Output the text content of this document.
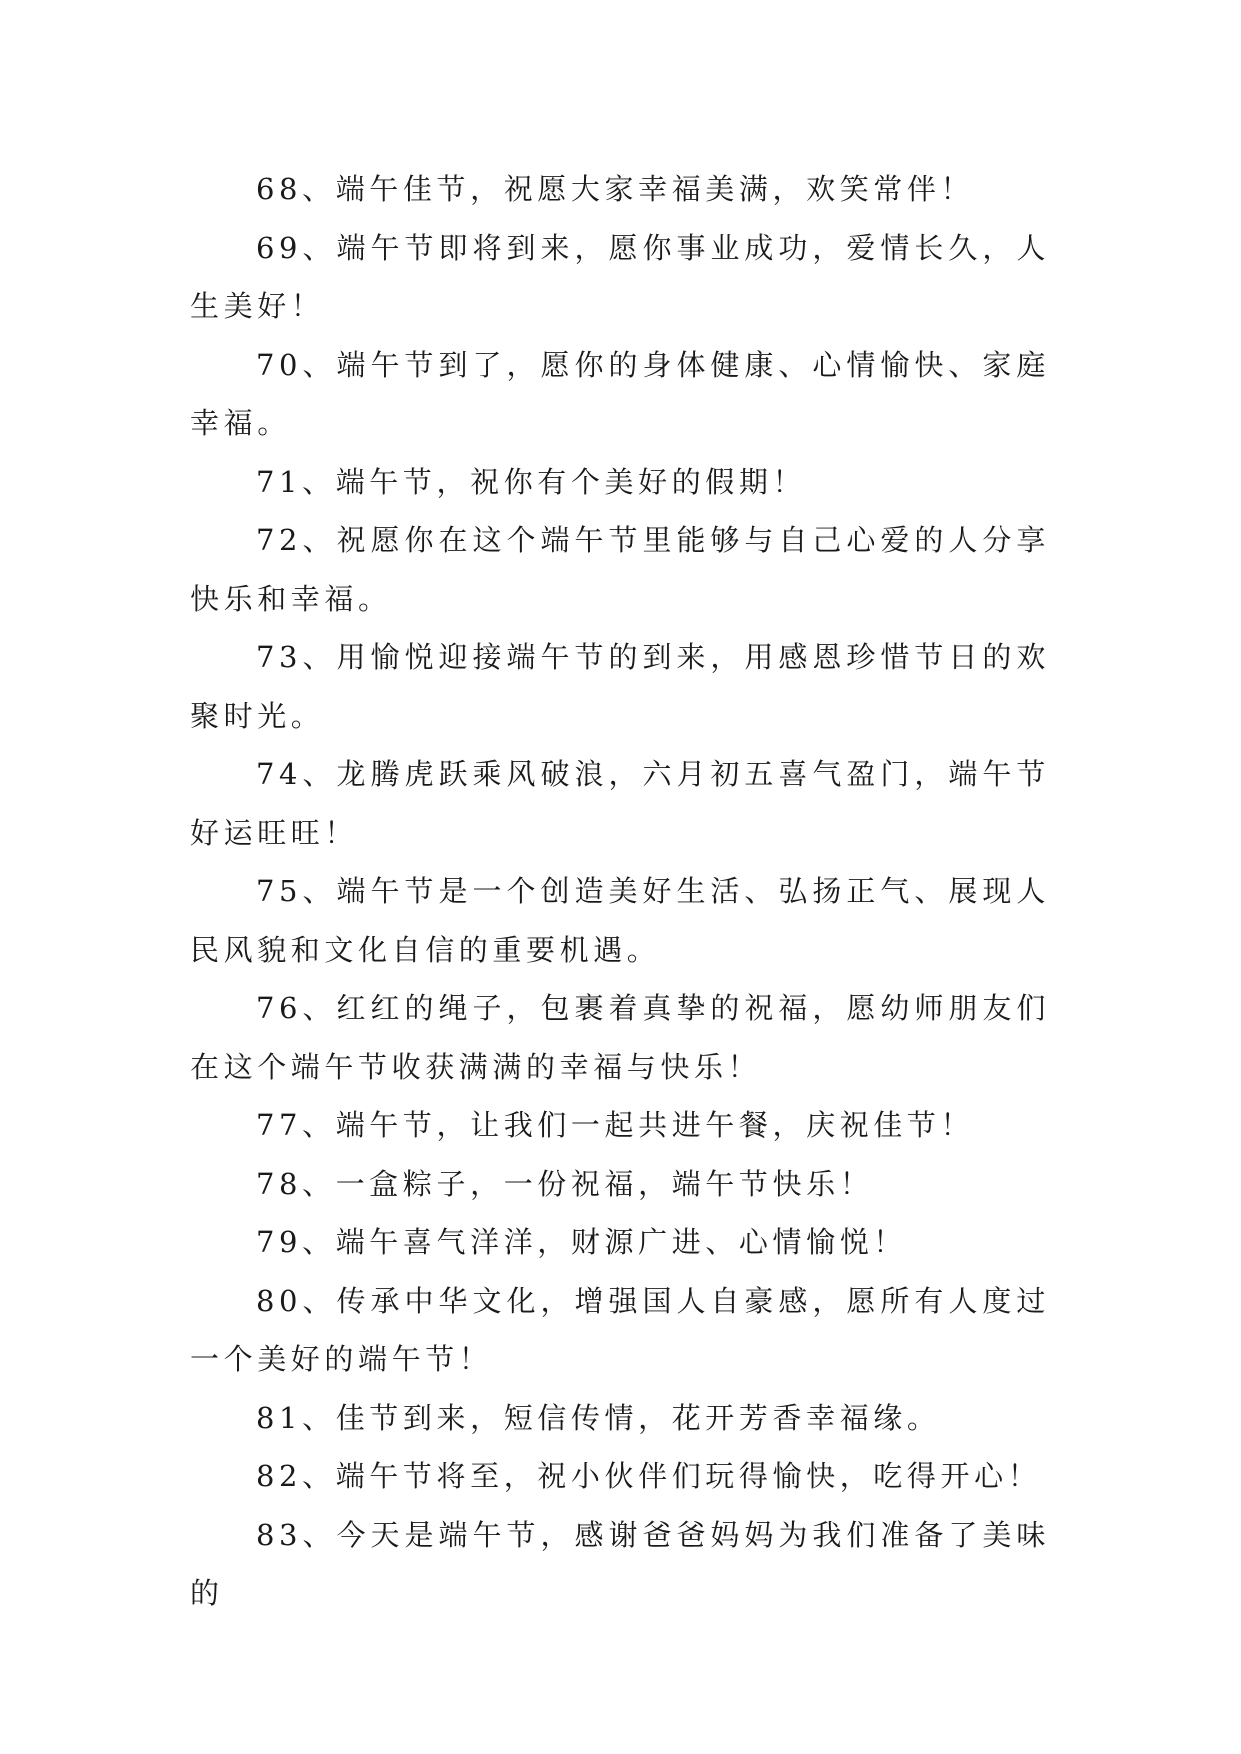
68、端午佳节，祝愿大家幸福美满，欢笑常伴！

69、端午节即将到来，愿你事业成功，爱情长久，人生美好！

70、端午节到了，愿你的身体健康、心情愉快、家庭幸福。

71、端午节，祝你有个美好的假期！

72、祝愿你在这个端午节里能够与自己心爱的人分享快乐和幸福。

73、用愉悦迎接端午节的到来，用感恩珍惜节日的欢聚时光。

74、龙腾虎跃乘风破浪，六月初五喜气盈门，端午节好运旺旺！

75、端午节是一个创造美好生活、弘扬正气、展现人民风貌和文化自信的重要机遇。

76、红红的绳子，包裹着真挚的祝福，愿幼师朋友们在这个端午节收获满满的幸福与快乐！

77、端午节，让我们一起共进午餐，庆祝佳节！

78、一盒粽子，一份祝福，端午节快乐！

79、端午喜气洋洋，财源广进、心情愉悦！

80、传承中华文化，增强国人自豪感，愿所有人度过一个美好的端午节！

81、佳节到来，短信传情，花开芳香幸福缘。

82、端午节将至，祝小伙伴们玩得愉快，吃得开心！

83、今天是端午节，感谢爸爸妈妈为我们准备了美味的
